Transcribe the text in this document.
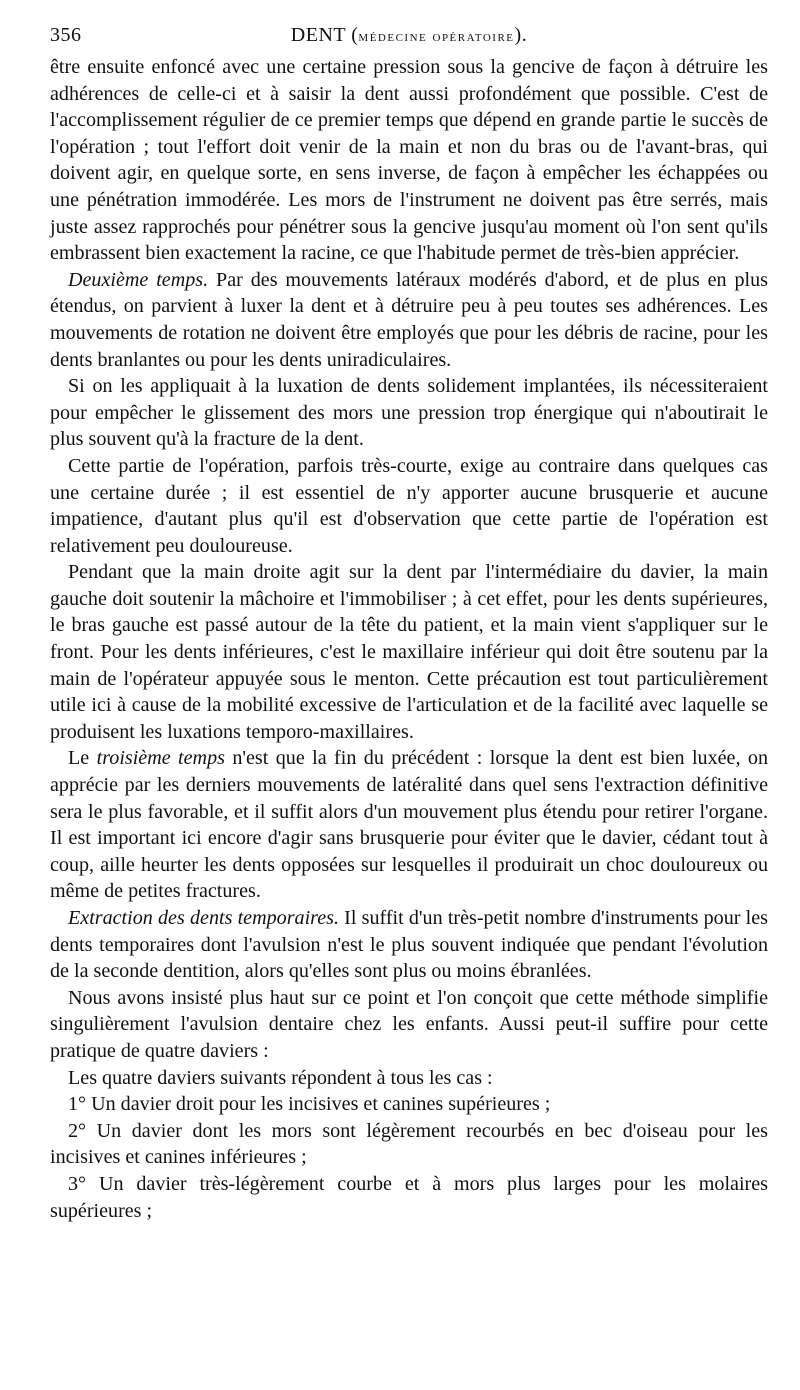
356	DENT (médecine opératoire).

être ensuite enfoncé avec une certaine pression sous la gencive de façon à détruire les adhérences de celle-ci et à saisir la dent aussi profondément que possible. C'est de l'accomplissement régulier de ce premier temps que dépend en grande partie le succès de l'opération ; tout l'effort doit venir de la main et non du bras ou de l'avant-bras, qui doivent agir, en quelque sorte, en sens inverse, de façon à empêcher les échappées ou une pénétration immodérée. Les mors de l'instrument ne doivent pas être serrés, mais juste assez rapprochés pour pénétrer sous la gencive jusqu'au moment où l'on sent qu'ils embrassent bien exactement la racine, ce que l'habitude permet de très-bien apprécier.

Deuxième temps. Par des mouvements latéraux modérés d'abord, et de plus en plus étendus, on parvient à luxer la dent et à détruire peu à peu toutes ses adhérences. Les mouvements de rotation ne doivent être employés que pour les débris de racine, pour les dents branlantes ou pour les dents uniradiculaires.

Si on les appliquait à la luxation de dents solidement implantées, ils nécessiteraient pour empêcher le glissement des mors une pression trop énergique qui n'aboutirait le plus souvent qu'à la fracture de la dent.

Cette partie de l'opération, parfois très-courte, exige au contraire dans quelques cas une certaine durée ; il est essentiel de n'y apporter aucune brusquerie et aucune impatience, d'autant plus qu'il est d'observation que cette partie de l'opération est relativement peu douloureuse.

Pendant que la main droite agit sur la dent par l'intermédiaire du davier, la main gauche doit soutenir la mâchoire et l'immobiliser ; à cet effet, pour les dents supérieures, le bras gauche est passé autour de la tête du patient, et la main vient s'appliquer sur le front. Pour les dents inférieures, c'est le maxillaire inférieur qui doit être soutenu par la main de l'opérateur appuyée sous le menton. Cette précaution est tout particulièrement utile ici à cause de la mobilité excessive de l'articulation et de la facilité avec laquelle se produisent les luxations temporo-maxillaires.

Le troisième temps n'est que la fin du précédent : lorsque la dent est bien luxée, on apprécie par les derniers mouvements de latéralité dans quel sens l'extraction définitive sera le plus favorable, et il suffit alors d'un mouvement plus étendu pour retirer l'organe. Il est important ici encore d'agir sans brusquerie pour éviter que le davier, cédant tout à coup, aille heurter les dents opposées sur lesquelles il produirait un choc douloureux ou même de petites fractures.

Extraction des dents temporaires. Il suffit d'un très-petit nombre d'instruments pour les dents temporaires dont l'avulsion n'est le plus souvent indiquée que pendant l'évolution de la seconde dentition, alors qu'elles sont plus ou moins ébranlées.

Nous avons insisté plus haut sur ce point et l'on conçoit que cette méthode simplifie singulièrement l'avulsion dentaire chez les enfants. Aussi peut-il suffire pour cette pratique de quatre daviers :

Les quatre daviers suivants répondent à tous les cas :

1° Un davier droit pour les incisives et canines supérieures ;

2° Un davier dont les mors sont légèrement recourbés en bec d'oiseau pour les incisives et canines inférieures ;

3° Un davier très-légèrement courbe et à mors plus larges pour les molaires supérieures ;
